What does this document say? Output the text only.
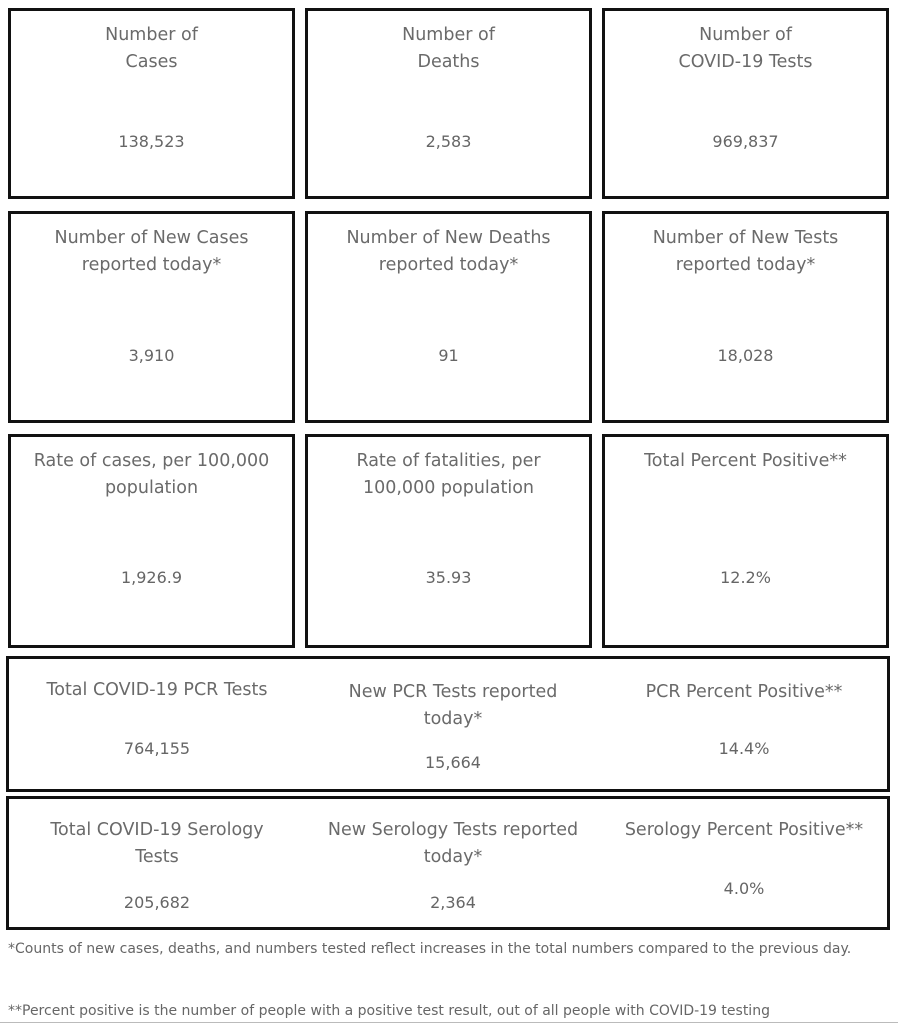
Number of
Cases
138,523
Number of
Deaths
2,583
Number of
COVID-19 Tests
969,837
Number of New Cases
reported today*
3,910
Number of New Deaths
reported today*
91
Number of New Tests
reported today*
18,028
Rate of cases, per 100,000
population
1,926.9
Rate of fatalities, per
100,000 population
35.93
Total Percent Positive**
12.2%
Total COVID-19 PCR Tests
764,155
New PCR Tests reported
today*
15,664
PCR Percent Positive**
14.4%
Total COVID-19 Serology
Tests
205,682
New Serology Tests reported
today*
2,364
Serology Percent Positive**
4.0%
*Counts of new cases, deaths, and numbers tested reflect increases in the total numbers compared to the previous day.
**Percent positive is the number of people with a positive test result, out of all people with COVID-19 testing
